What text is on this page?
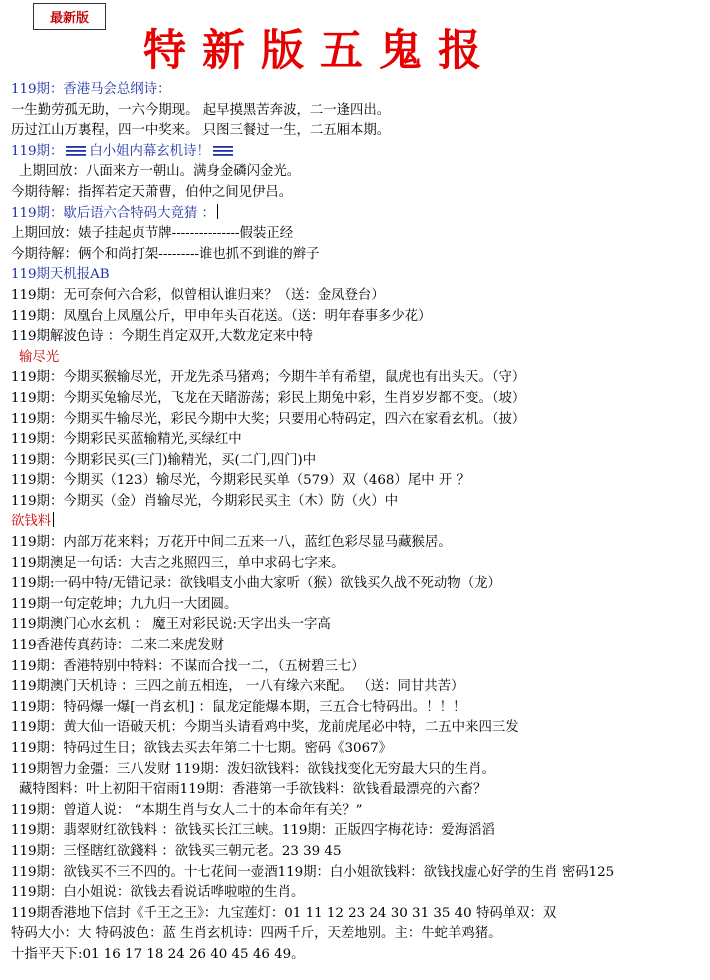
最新版
特新版五鬼报
119期：香港马会总纲诗：
一生勤劳孤无助，一六今期现。 起早摸黑苦奔波，二一逢四出。
历过江山万裏程，四一中奖来。 只图三餐过一生，二五厢本期。
119期： 白小姐内幕玄机诗！
上期回放：八面来方一朝山。满身金磷闪金光。
今期待解：指挥若定天萧曹，伯仲之间见伊吕。
119期：歇后语六合特码大竟猜 ：
上期回放：婊子挂起贞节牌---------------假装正经
今期待解：俩个和尚打架---------谁也抓不到谁的辫子
119期天机报AB
119期：无可奈何六合彩，似曾相认谁归来？（送：金凤登台）
119期：凤凰台上凤凰公斤，甲申年头百花送。（送：明年春事多少花）
119期解波色诗 ：今期生肖定双开,大数龙定来中特
输尽光
119期：今期买猴输尽光，开龙先杀马猪鸡；今期牛羊有希望，鼠虎也有出头天。（守）
119期：今期买兔输尽光，飞龙在天睹游荡；彩民上期兔中彩，生肖岁岁都不变。（坡）
119期：今期买牛输尽光，彩民今期中大奖；只要用心特码定，四六在家看玄机。（披）
119期：今期彩民买蓝输精光,买绿红中
119期：今期彩民买(三门)输精光，买(二门,四门)中
119期：今期买（123）输尽光，今期彩民买单（579）双（468）尾中 开 ？
119期：今期买（金）肖输尽光，今期彩民买主（木）防（火）中
欲钱料
119期：内部万花来料；万花开中间二五来一八，蓝红色彩尽显马藏猴居。
119期澳足一句话：大吉之兆照四三，单中求码七字来。
119期:一码中特/无错记录：欲钱唱支小曲大家听（猴）欲钱买久战不死动物（龙）
119期一句定乾坤；九九归一大团圆。
119期澳门心水玄机 ： 魔王对彩民说:天字出头一字高
119香港传真药诗：二来二来虎发财
119期：香港特别中特料：不谋而合找一二，（五树碧三七）
119期澳门天机诗 ：三四之前五相连， 一八有缘六来配。 （送：同甘共苦）
119期：特码爆一爆[一肖玄机] ：鼠龙定能爆本期，三五合七特码出。！！！
119期：黄大仙一语破天机：今期当头请看鸡中奖，龙前虎尾必中特，二五中来四三发
119期：特码过生日；欲钱去买去年第二十七期。密码《3067》
119期智力金彊：三八发财 119期：泼妇欲钱料：欲钱找变化无穷最大只的生肖。
藏特图料：叶上初阳干宿雨119期：香港第一手欲钱料：欲钱看最漂亮的六畜？
119期：曾道人说： “本期生肖与女人二十的本命年有关？”
119期：翡翠财红欲钱料 ：欲钱买长江三峡。119期：正版四字梅花诗：爱海滔滔
119期：三怪瞎红欲錢料 ：欲钱买三朝元老。23 39 45
119期：欲钱买不三不四的。十七花间一壶酒119期：白小姐欲钱料：欲钱找虚心好学的生肖 密码125
119期：白小姐说：欲钱去看说话哗啦啦的生肖。
119期香港地下信封《千王之王》：九宝莲灯：01 11 12 23 24 30 31 35 40 特码单双：双
特码大小：大 特码波色：蓝 生肖玄机诗：四两千斤，天差地别。主：牛蛇羊鸡猪。
十指平天下:01 16 17 18 24 26 40 45 46 49。
